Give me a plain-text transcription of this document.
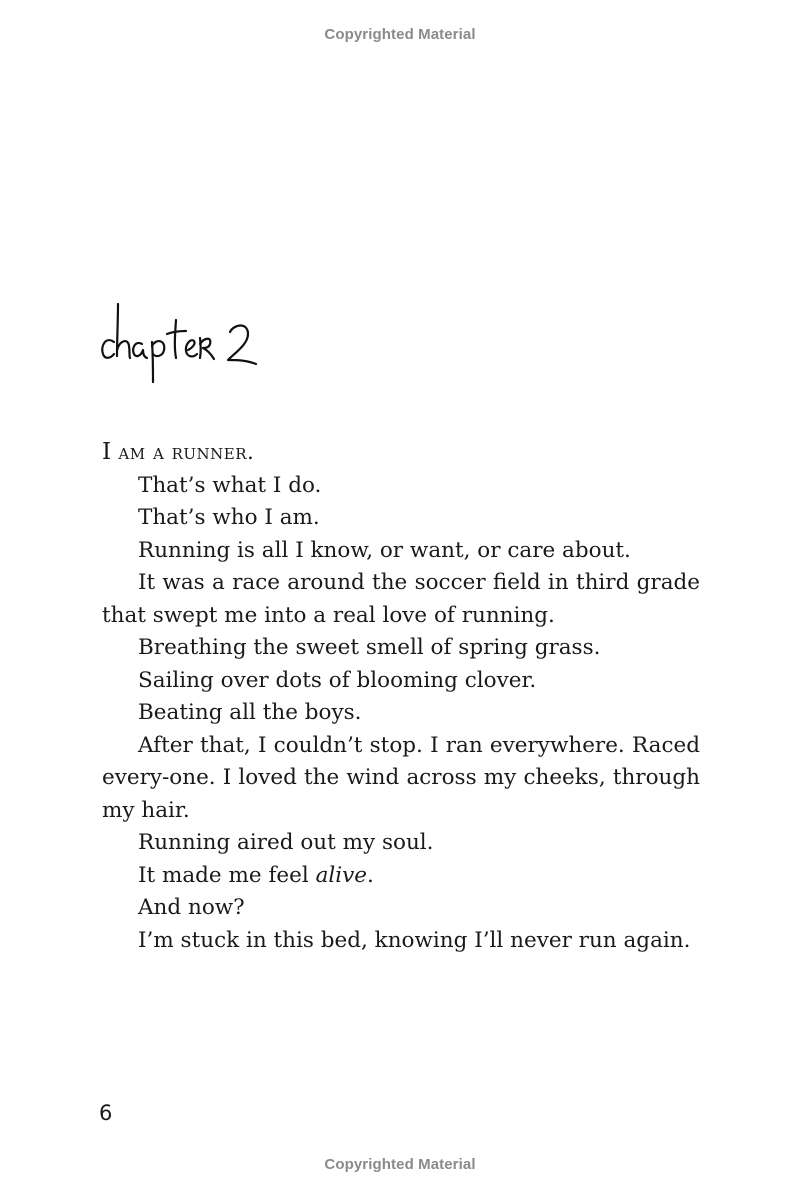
Copyrighted Material

I am a runner.

That’s what I do.

That’s who I am.

Running is all I know, or want, or care about.

It was a race around the soccer field in third grade that swept me into a real love of running.

Breathing the sweet smell of spring grass.

Sailing over dots of blooming clover.

Beating all the boys.

After that, I couldn’t stop. I ran everywhere. Raced every-one. I loved the wind across my cheeks, through my hair.

Running aired out my soul.

It made me feel alive.

And now?

I’m stuck in this bed, knowing I’ll never run again.

6
Copyrighted Material
